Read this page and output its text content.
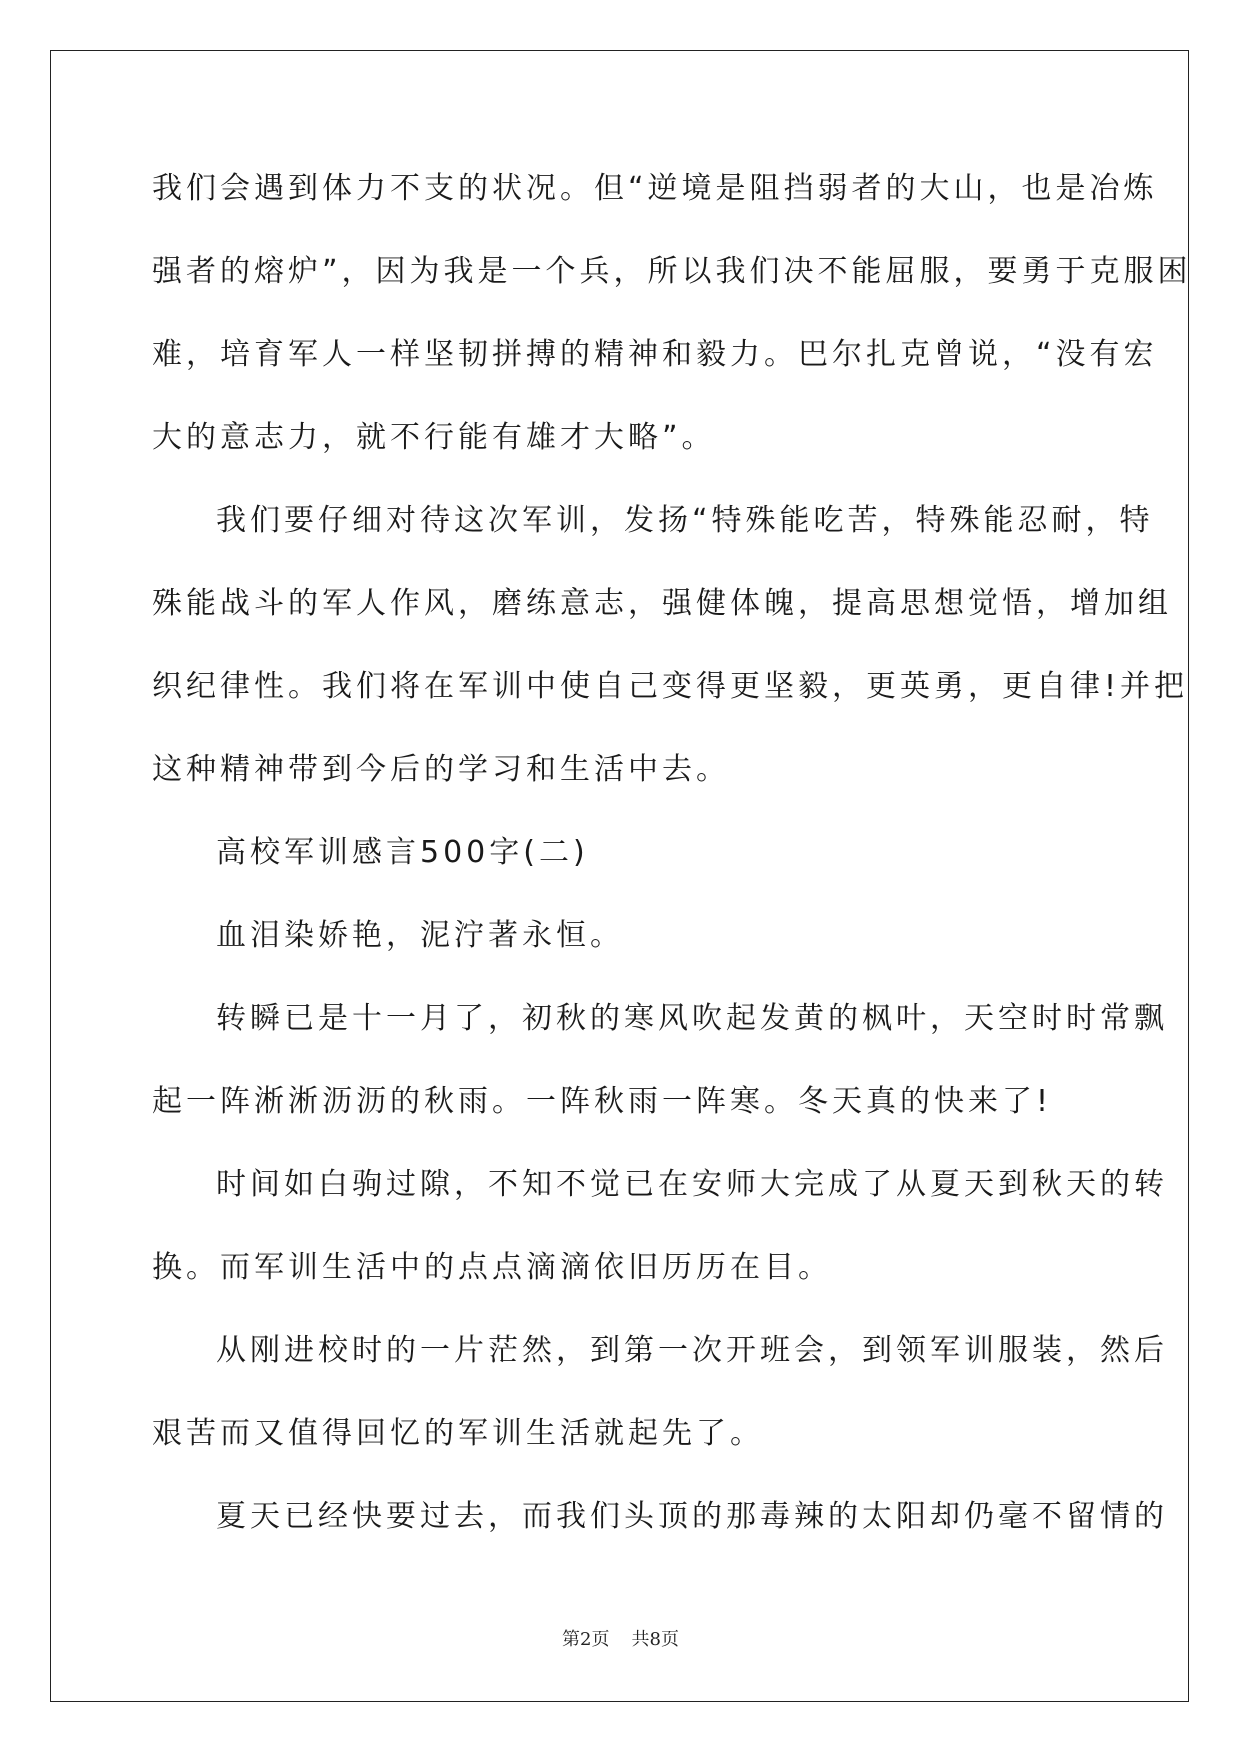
我们会遇到体力不支的状况。但“逆境是阻挡弱者的大山，也是冶炼
强者的熔炉”，因为我是一个兵，所以我们决不能屈服，要勇于克服困
难，培育军人一样坚韧拼搏的精神和毅力。巴尔扎克曾说，“没有宏
大的意志力，就不行能有雄才大略”。
我们要仔细对待这次军训，发扬“特殊能吃苦，特殊能忍耐，特
殊能战斗的军人作风，磨练意志，强健体魄，提高思想觉悟，增加组
织纪律性。我们将在军训中使自己变得更坚毅，更英勇，更自律!并把
这种精神带到今后的学习和生活中去。
高校军训感言500字(二)
血泪染娇艳，泥泞著永恒。
转瞬已是十一月了，初秋的寒风吹起发黄的枫叶，天空时时常飘
起一阵淅淅沥沥的秋雨。一阵秋雨一阵寒。冬天真的快来了!
时间如白驹过隙，不知不觉已在安师大完成了从夏天到秋天的转
换。而军训生活中的点点滴滴依旧历历在目。
从刚进校时的一片茫然，到第一次开班会，到领军训服装，然后
艰苦而又值得回忆的军训生活就起先了。
夏天已经快要过去，而我们头顶的那毒辣的太阳却仍毫不留情的
第2页 共8页
